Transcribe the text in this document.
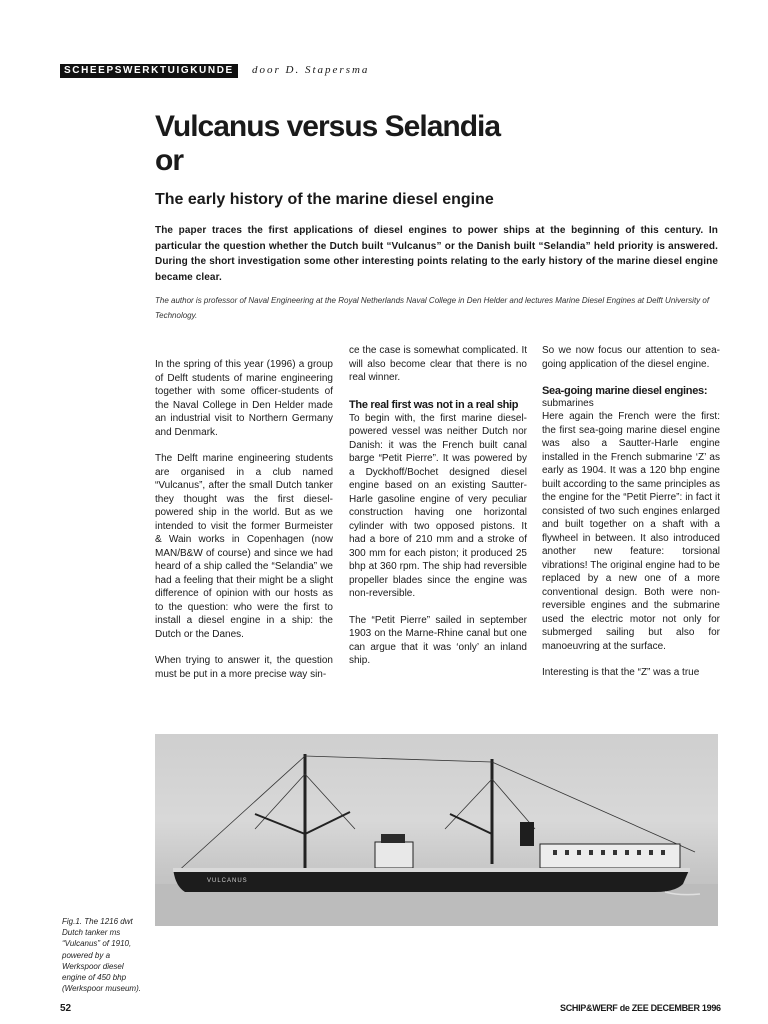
SCHEEPSWERKTUIGKUNDE	door D. Stapersma
Vulcanus versus Selandia
or
The early history of the marine diesel engine

The paper traces the first applications of diesel engines to power ships at the beginning of this century. In particular the question whether the Dutch built “Vulcanus” or the Danish built “Selandia” held priority is answered. During the short investigation some other interesting points relating to the early history of the marine diesel engine became clear.

The author is professor of Naval Engineering at the Royal Netherlands Naval College in Den Helder and lectures Marine Diesel Engines at Delft University of Technology.

In the spring of this year (1996) a group of Delft students of marine engineering together with some officer-students of the Naval College in Den Helder made an industrial visit to Northern Germany and Denmark.

The Delft marine engineering students are organised in a club named “Vulcanus”, after the small Dutch tanker they thought was the first diesel-powered ship in the world. But as we intended to visit the former Burmeister & Wain works in Copenhagen (now MAN/B&W of course) and since we had heard of a ship called the “Selandia” we had a feeling that their might be a slight difference of opinion with our hosts as to the question: who were the first to install a diesel engine in a ship: the Dutch or the Danes.

When trying to answer it, the question must be put in a more precise way sin-

ce the case is somewhat complicated. It will also become clear that there is no real winner.

The real first was not in a real ship

To begin with, the first marine diesel-powered vessel was neither Dutch nor Danish: it was the French built canal barge “Petit Pierre”. It was powered by a Dyckhoff/Bochet designed diesel engine based on an existing Sautter-Harle gasoline engine of very peculiar construction having one horizontal cylinder with two opposed pistons. It had a bore of 210 mm and a stroke of 300 mm for each piston; it produced 25 bhp at 360 rpm. The ship had reversible propeller blades since the engine was non-reversible.

The “Petit Pierre” sailed in september 1903 on the Marne-Rhine canal but one can argue that it was ‘only’ an inland ship.

So we now focus our attention to sea-going application of the diesel engine.

Sea-going marine diesel engines:
submarines

Here again the French were the first: the first sea-going marine diesel engine was also a Sautter-Harle engine installed in the French submarine ‘Z’ as early as 1904. It was a 120 bhp engine built according to the same principles as the engine for the “Petit Pierre”: in fact it consisted of two such engines enlarged and built together on a shaft with a flywheel in between. It also introduced another new feature: torsional vibrations! The original engine had to be replaced by a new one of a more conventional design. Both were non-reversible engines and the submarine used the electric motor not only for submerged sailing but also for manoeuvring at the surface.

Interesting is that the “Z” was a true

VULCANUS

Fig.1. The 1216 dwt Dutch tanker ms “Vulcanus” of 1910, powered by a Werkspoor diesel engine of 450 bhp (Werkspoor museum).

52	SCHIP&WERF de ZEE DECEMBER 1996
